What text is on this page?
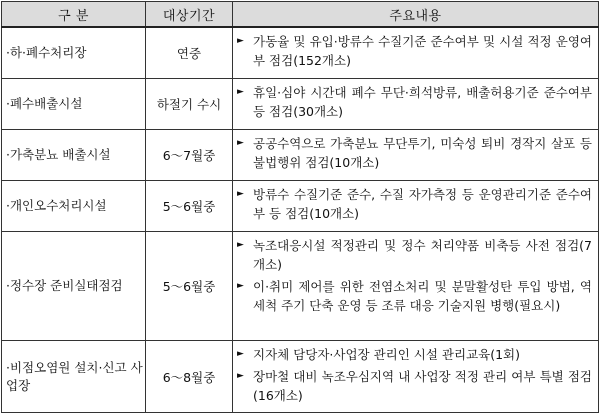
구 분	대상기간	주요내용
·하·폐수처리장	연중	► 가동율 및 유입·방류수 수질기준 준수여부 및 시설 적정 운영여부 점검(152개소)

·폐수배출시설	하절기 수시	► 휴일·심야 시간대 폐수 무단·희석방류, 배출허용기준 준수여부 등 점검(30개소)

·가축분뇨 배출시설	6～7월중	► 공공수역으로 가축분뇨 무단투기, 미숙성 퇴비 경작지 살포 등 불법행위 점검(10개소)

·개인오수처리시설	5～6월중	► 방류수 수질기준 준수, 수질 자가측정 등 운영관리기준 준수여부 등 점검(10개소)

·정수장 준비실태점검	5～6월중	► 녹조대응시설 적정관리 및 정수 처리약품 비축등 사전 점검(7개소)
► 이·취미 제어를 위한 전염소처리 및 분말활성탄 투입 방법, 역세척 주기 단축 운영 등 조류 대응 기술지원 병행(필요시)

·비점오염원 설치·신고 사업장	6～8월중	► 지자체 담당자·사업장 관리인 시설 관리교육(1회)
► 장마철 대비 녹조우심지역 내 사업장 적정 관리 여부 특별 점검(16개소)
